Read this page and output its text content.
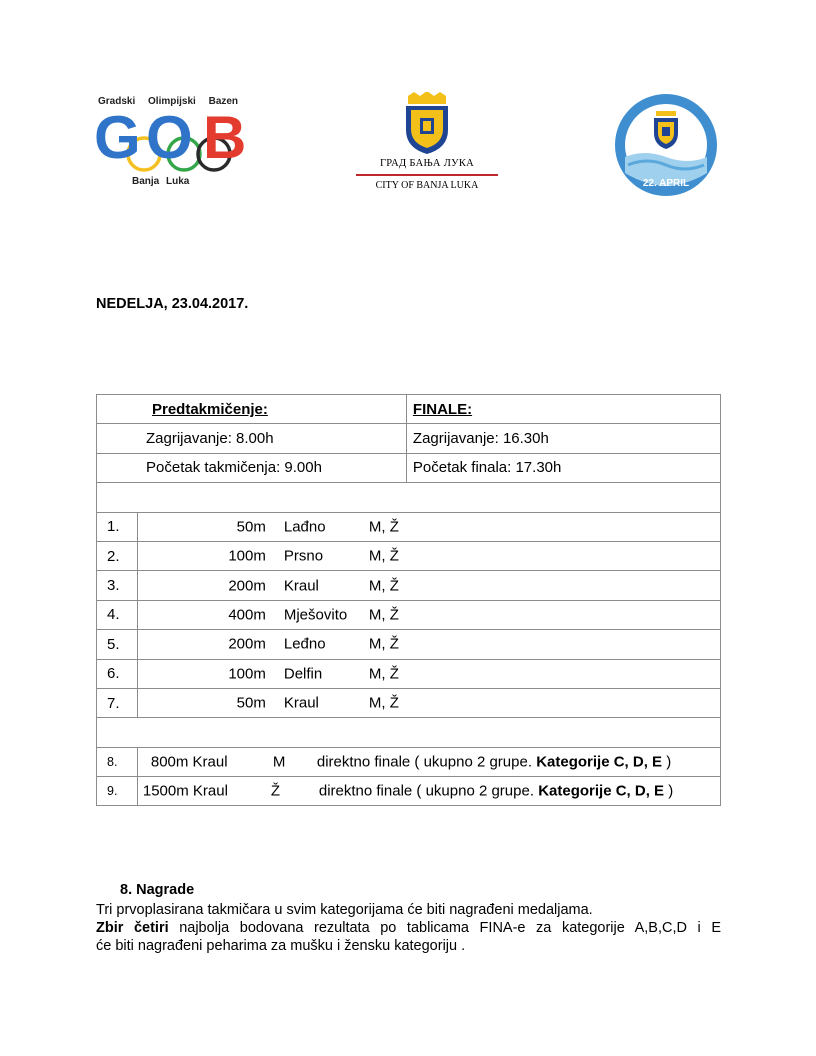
Gradski Olimpijski Bazen
G O B
Banja Luka
ГРАД БАЊА ЛУКА
CITY OF BANJA LUKA	22. APRIL
NEDELJA, 23.04.2017.
Predtakmičenje:		FINALE:
Zagrijavanje: 8.00h		Zagrijavanje: 16.30h
Početak takmičenja: 9.00h		Početak finala: 17.30h

1.	50m Lađno M, Ž	

2.	100m Prsno M, Ž	

3.	200m Kraul M, Ž	

4.	400m Mješovito M, Ž	

5.	200m Leđno M, Ž	

6.	100m Delfin M, Ž	

7.	50m Kraul M, Ž	

8.	800m Kraul M direktno finale ( ukupno 2 grupe. Kategorije C, D, E )	

9.	1500m Kraul Ž direktno finale ( ukupno 2 grupe. Kategorije C, D, E )	
8. Nagrade
Tri prvoplasirana takmičara u svim kategorijama će biti nagrađeni medaljama.
Zbir četiri najbolja bodovana rezultata po tablicama FINA-e za kategorije A,B,C,D i E
će biti nagrađeni peharima za mušku i žensku kategoriju .
